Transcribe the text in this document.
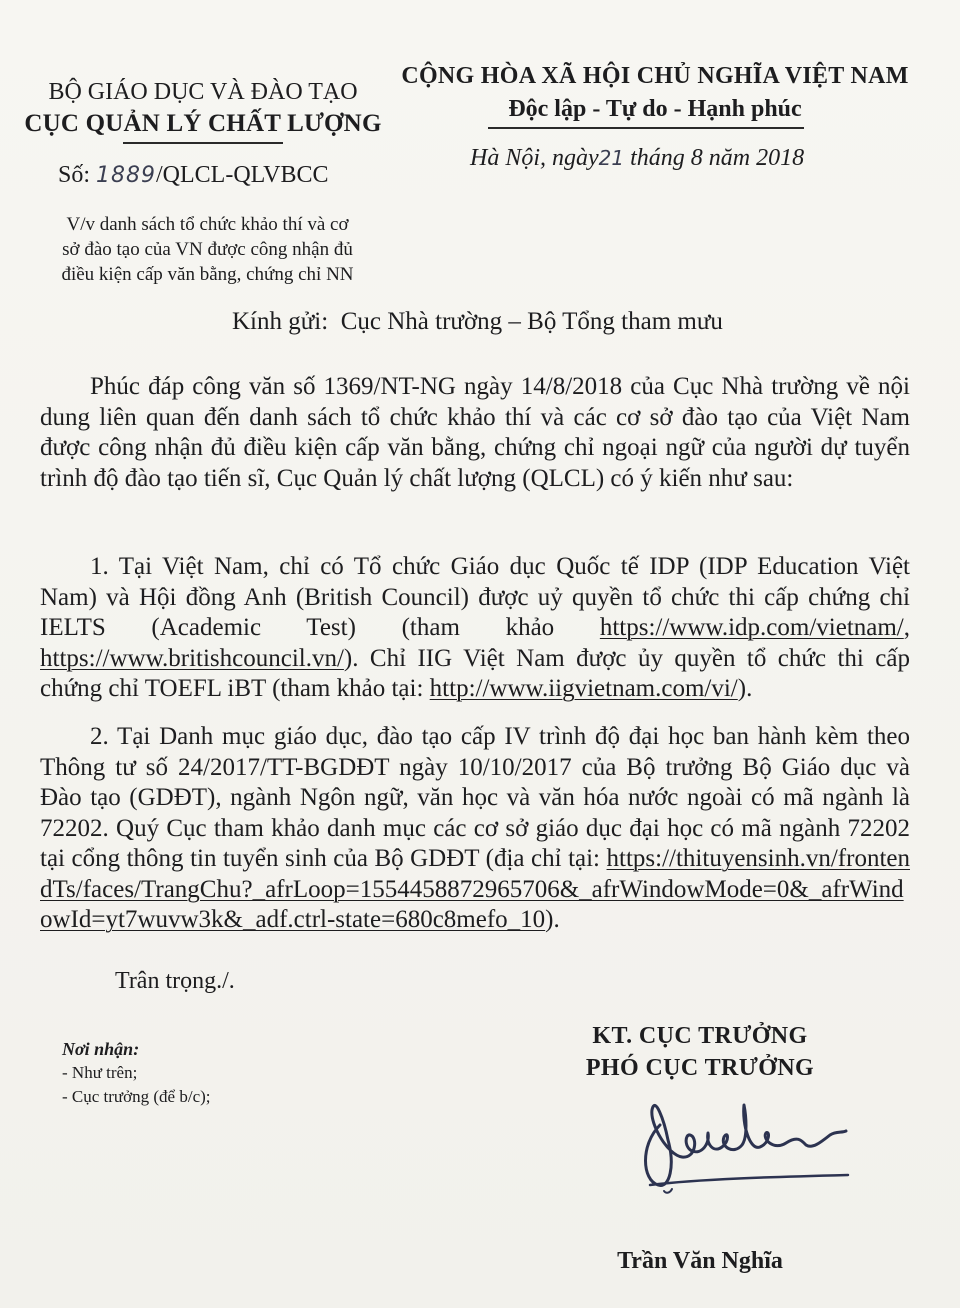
BỘ GIÁO DỤC VÀ ĐÀO TẠO
CỤC QUẢN LÝ CHẤT LƯỢNG
CỘNG HÒA XÃ HỘI CHỦ NGHĨA VIỆT NAM
Độc lập - Tự do - Hạnh phúc
Số: 1889/QLCL-QLVBCC
Hà Nội, ngày21 tháng 8 năm 2018
V/v danh sách tổ chức khảo thí và cơ
sở đào tạo của VN được công nhận đủ
điều kiện cấp văn bằng, chứng chỉ NN
Kính gửi: Cục Nhà trường – Bộ Tổng tham mưu

Phúc đáp công văn số 1369/NT-NG ngày 14/8/2018 của Cục Nhà trường về nội dung liên quan đến danh sách tổ chức khảo thí và các cơ sở đào tạo của Việt Nam được công nhận đủ điều kiện cấp văn bằng, chứng chỉ ngoại ngữ của người dự tuyển trình độ đào tạo tiến sĩ, Cục Quản lý chất lượng (QLCL) có ý kiến như sau:

1. Tại Việt Nam, chỉ có Tổ chức Giáo dục Quốc tế IDP (IDP Education Việt Nam) và Hội đồng Anh (British Council) được uỷ quyền tổ chức thi cấp chứng chỉ IELTS (Academic Test) (tham khảo https://www.idp.com/vietnam/, https://www.britishcouncil.vn/). Chỉ IIG Việt Nam được ủy quyền tổ chức thi cấp chứng chỉ TOEFL iBT (tham khảo tại: http://www.iigvietnam.com/vi/).

2. Tại Danh mục giáo dục, đào tạo cấp IV trình độ đại học ban hành kèm theo Thông tư số 24/2017/TT-BGDĐT ngày 10/10/2017 của Bộ trưởng Bộ Giáo dục và Đào tạo (GDĐT), ngành Ngôn ngữ, văn học và văn hóa nước ngoài có mã ngành là 72202. Quý Cục tham khảo danh mục các cơ sở giáo dục đại học có mã ngành 72202 tại cổng thông tin tuyển sinh của Bộ GDĐT (địa chỉ tại: https://thituyensinh.vn/frontendTs/faces/TrangChu?_afrLoop=1554458872965706&_afrWindowMode=0&_afrWindowId=yt7wuvw3k&_adf.ctrl-state=680c8mefo_10).

Trân trọng./.
Nơi nhận:
- Như trên;
- Cục trưởng (để b/c);
KT. CỤC TRƯỞNG
PHÓ CỤC TRƯỞNG
Trần Văn Nghĩa
